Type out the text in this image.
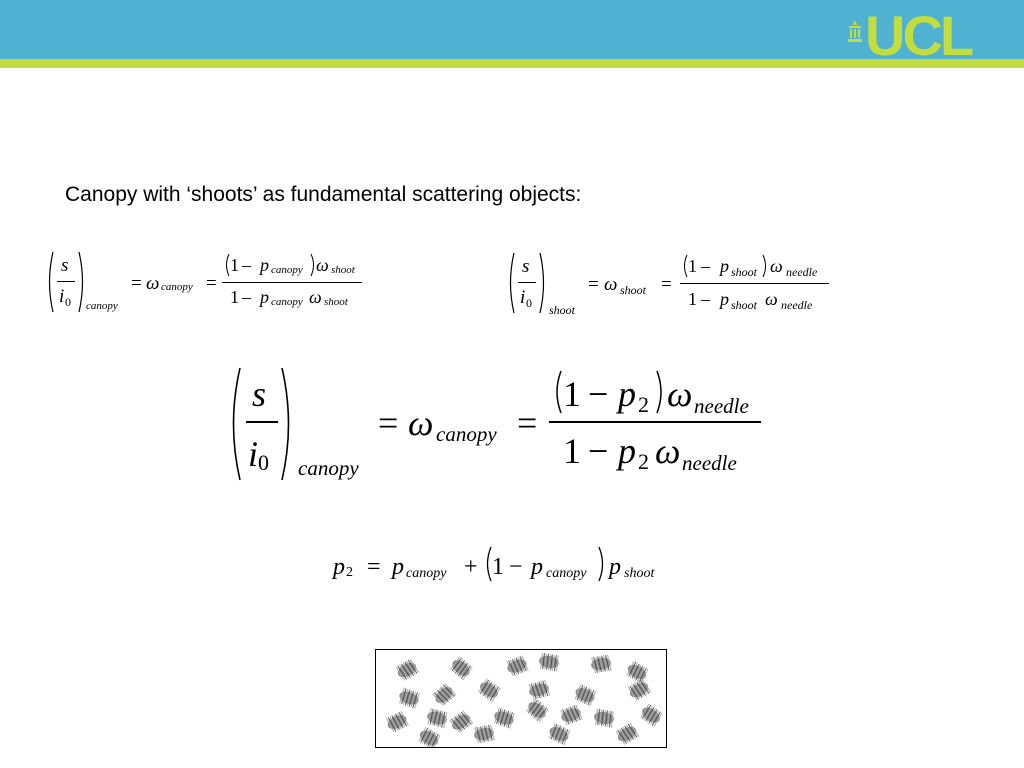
UCL
Canopy with ‘shoots’ as fundamental scattering objects:
s
i 0 canopy
= ω canopy =
1 – p canopy ω shoot
1 – p canopy ω shoot
s
i 0 shoot
= ω shoot =
1 – p shoot ω needle
1 – p shoot ω needle
s
i 0 canopy
= ω canopy =
1 − p 2 ω needle
1 − p 2 ω needle
p 2 = p canopy + 1 − p canopy p shoot
